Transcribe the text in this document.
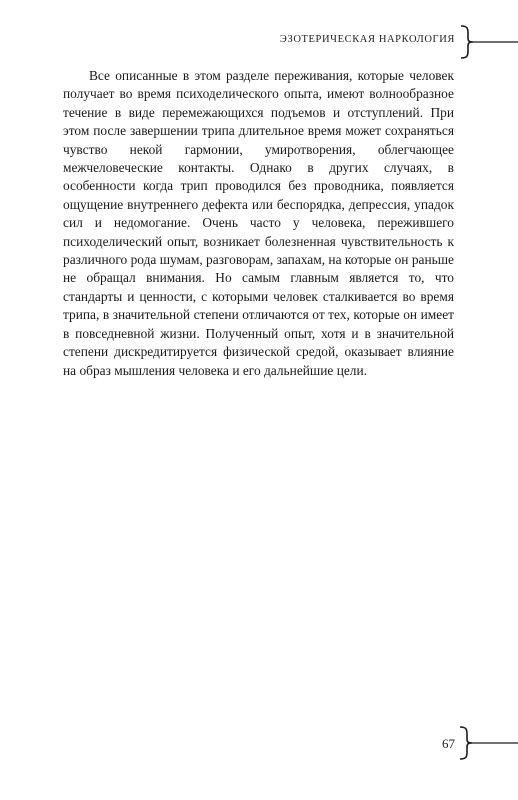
ЭЗОТЕРИЧЕСКАЯ НАРКОЛОГИЯ

Все описанные в этом разделе переживания, которые человек получает во время психоделического опыта, имеют волнообразное течение в виде перемежающихся подъемов и отступлений. При этом после завершении трипа длительное время может сохраняться чувство некой гармонии, умиротворения, облегчающее межчеловеческие контакты. Однако в других случаях, в особенности когда трип проводился без проводника, появляется ощущение внутреннего дефекта или беспорядка, депрессия, упадок сил и недомогание. Очень часто у человека, пережившего психоделический опыт, возникает болезненная чувствительность к различного рода шумам, разговорам, запахам, на которые он раньше не обращал внимания. Но самым главным является то, что стандарты и ценности, с которыми человек сталкивается во время трипа, в значительной степени отличаются от тех, которые он имеет в повседневной жизни. Полученный опыт, хотя и в значительной степени дискредитируется физической средой, оказывает влияние на образ мышления человека и его дальнейшие цели.

67
